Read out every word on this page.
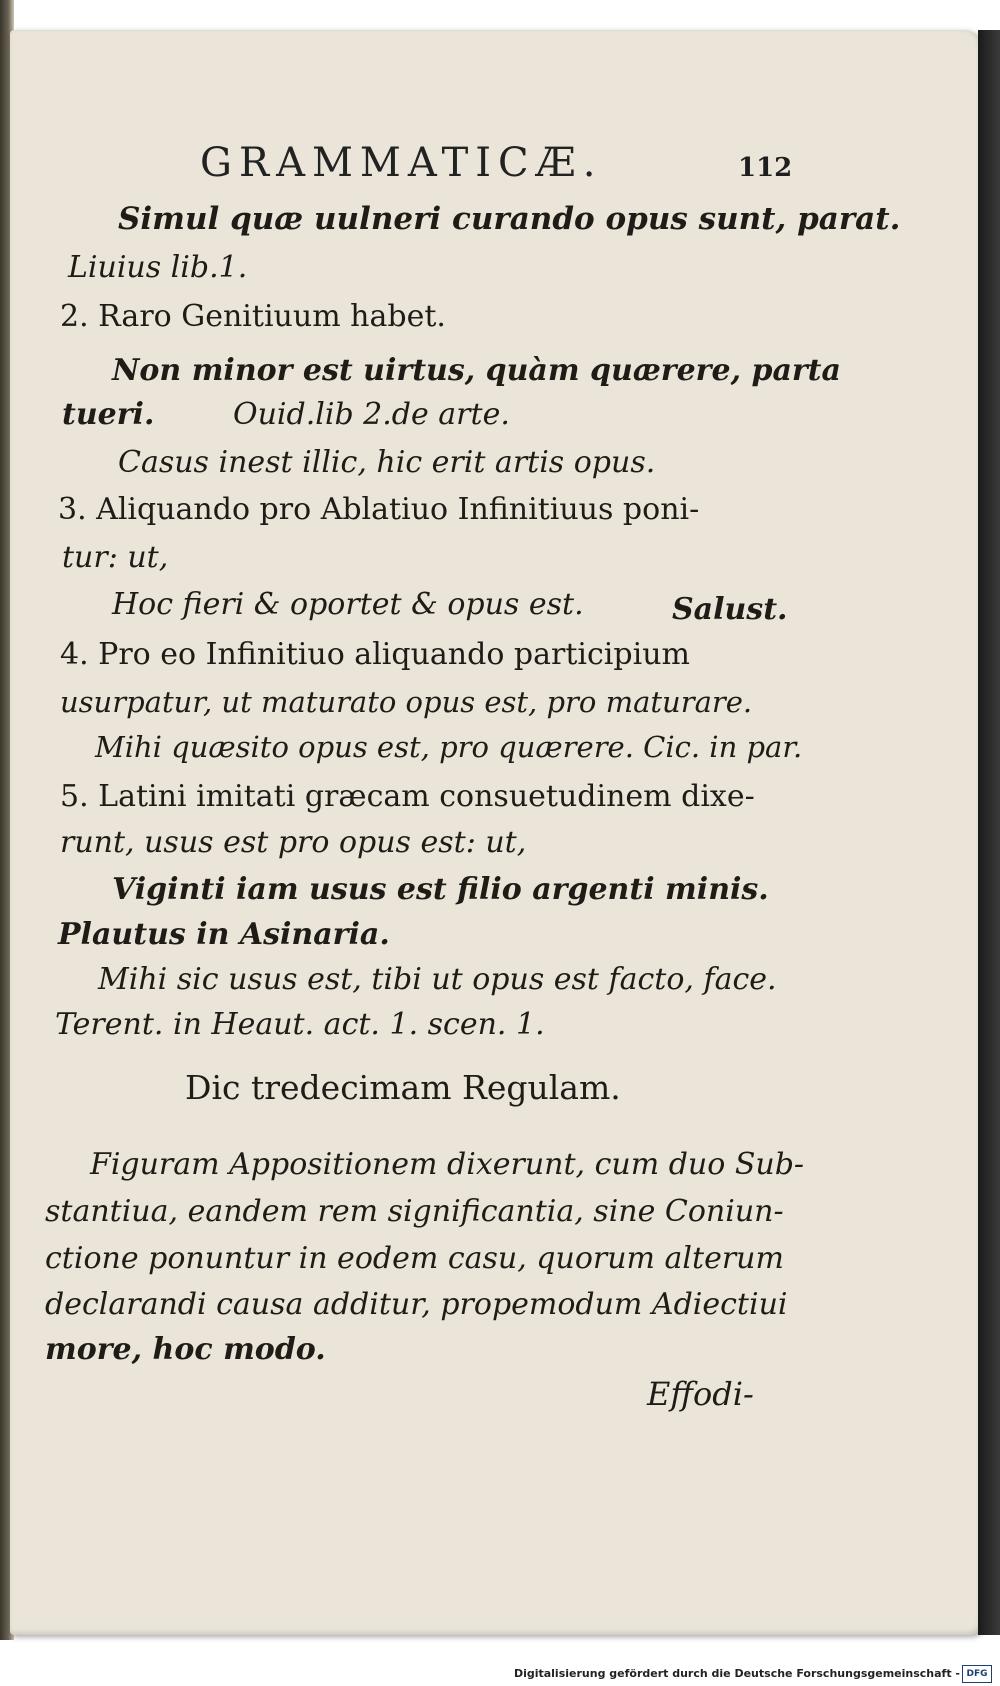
GRAMMATICÆ.	112
Simul quæ uulneri curando opus sunt, parat.
Liuius lib.1.
2. Raro Genitiuum habet.
Non minor est uirtus, quàm quærere, parta
tueri.	Ouid.lib 2.de arte.
Casus inest illic, hic erit artis opus.
3. Aliquando pro Ablatiuo Infinitiuus poni-
tur: ut,
Hoc fieri & oportet & opus est.	Salust.
4. Pro eo Infinitiuo aliquando participium
usurpatur, ut maturato opus est, pro maturare.
Mihi quæsito opus est, pro quærere. Cic. in par.
5. Latini imitati græcam consuetudinem dixe-
runt, usus est pro opus est: ut,
Viginti iam usus est filio argenti minis.
Plautus in Asinaria.
Mihi sic usus est, tibi ut opus est facto, face.
Terent. in Heaut. act. 1. scen. 1.
Dic tredecimam Regulam.
Figuram Appositionem dixerunt, cum duo Sub-
stantiua, eandem rem significantia, sine Coniun-
ctione ponuntur in eodem casu, quorum alterum
declarandi causa additur, propemodum Adiectiui
more, hoc modo.
Effodi-
Digitalisierung gefördert durch die Deutsche Forschungsgemeinschaft - DFG
